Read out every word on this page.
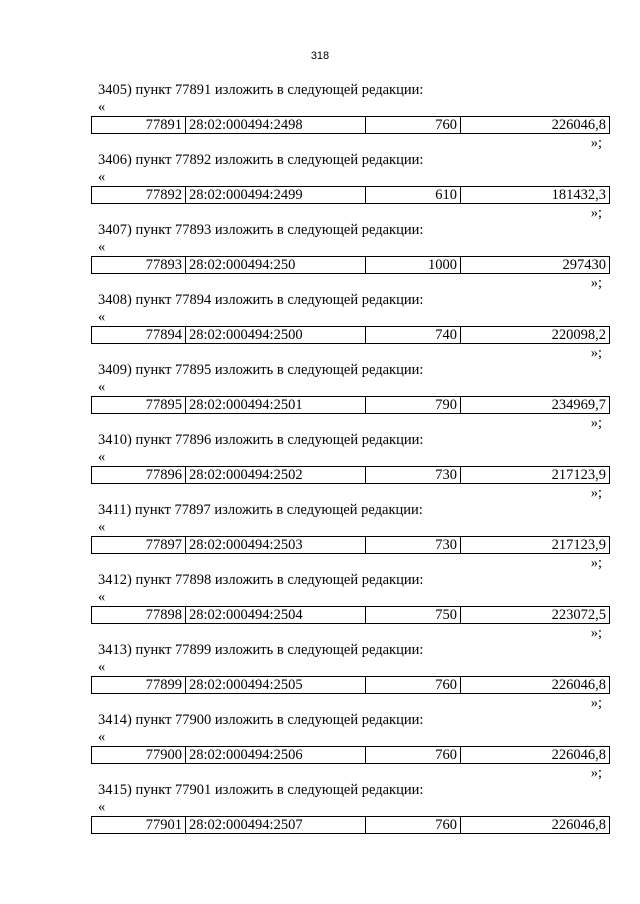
318
3405) пункт 77891 изложить в следующей редакции:
«
77891 28:02:000494:2498	760	226046,8
»;
3406) пункт 77892 изложить в следующей редакции:
«
77892 28:02:000494:2499	610	181432,3
»;
3407) пункт 77893 изложить в следующей редакции:
«
77893 28:02:000494:250	1000	297430
»;
3408) пункт 77894 изложить в следующей редакции:
«
77894 28:02:000494:2500	740	220098,2
»;
3409) пункт 77895 изложить в следующей редакции:
«
77895 28:02:000494:2501	790	234969,7
»;
3410) пункт 77896 изложить в следующей редакции:
«
77896 28:02:000494:2502	730	217123,9
»;
3411) пункт 77897 изложить в следующей редакции:
«
77897 28:02:000494:2503	730	217123,9
»;
3412) пункт 77898 изложить в следующей редакции:
«
77898 28:02:000494:2504	750	223072,5
»;
3413) пункт 77899 изложить в следующей редакции:
«
77899 28:02:000494:2505	760	226046,8
»;
3414) пункт 77900 изложить в следующей редакции:
«
77900 28:02:000494:2506	760	226046,8
»;
3415) пункт 77901 изложить в следующей редакции:
«
77901 28:02:000494:2507	760	226046,8
